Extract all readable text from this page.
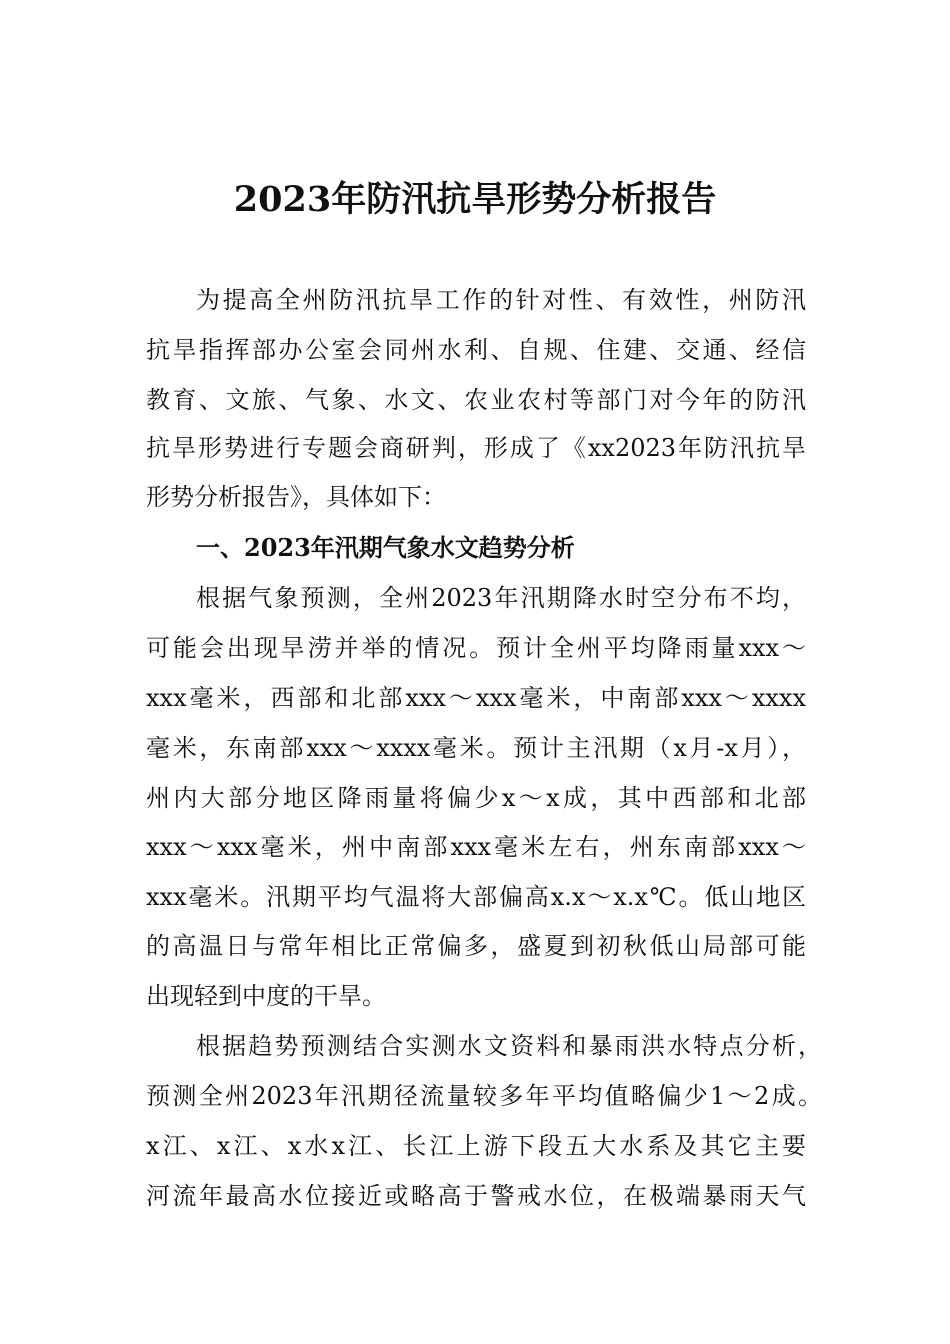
2023年防汛抗旱形势分析报告
为提高全州防汛抗旱工作的针对性、有效性，州防汛
抗旱指挥部办公室会同州水利、自规、住建、交通、经信
教育、文旅、气象、水文、农业农村等部门对今年的防汛
抗旱形势进行专题会商研判，形成了《xx2023年防汛抗旱
形势分析报告》，具体如下：
一、2023年汛期气象水文趋势分析
根据气象预测，全州2023年汛期降水时空分布不均，
可能会出现旱涝并举的情况。预计全州平均降雨量xxx～
xxx毫米，西部和北部xxx～xxx毫米，中南部xxx～xxxx
毫米，东南部xxx～xxxx毫米。预计主汛期（x月-x月），
州内大部分地区降雨量将偏少x～x成，其中西部和北部
xxx～xxx毫米，州中南部xxx毫米左右，州东南部xxx～
xxx毫米。汛期平均气温将大部偏高x.x～x.x℃。低山地区
的高温日与常年相比正常偏多，盛夏到初秋低山局部可能
出现轻到中度的干旱。
根据趋势预测结合实测水文资料和暴雨洪水特点分析，
预测全州2023年汛期径流量较多年平均值略偏少1～2成。
x江、x江、x水x江、长江上游下段五大水系及其它主要
河流年最高水位接近或略高于警戒水位，在极端暴雨天气
